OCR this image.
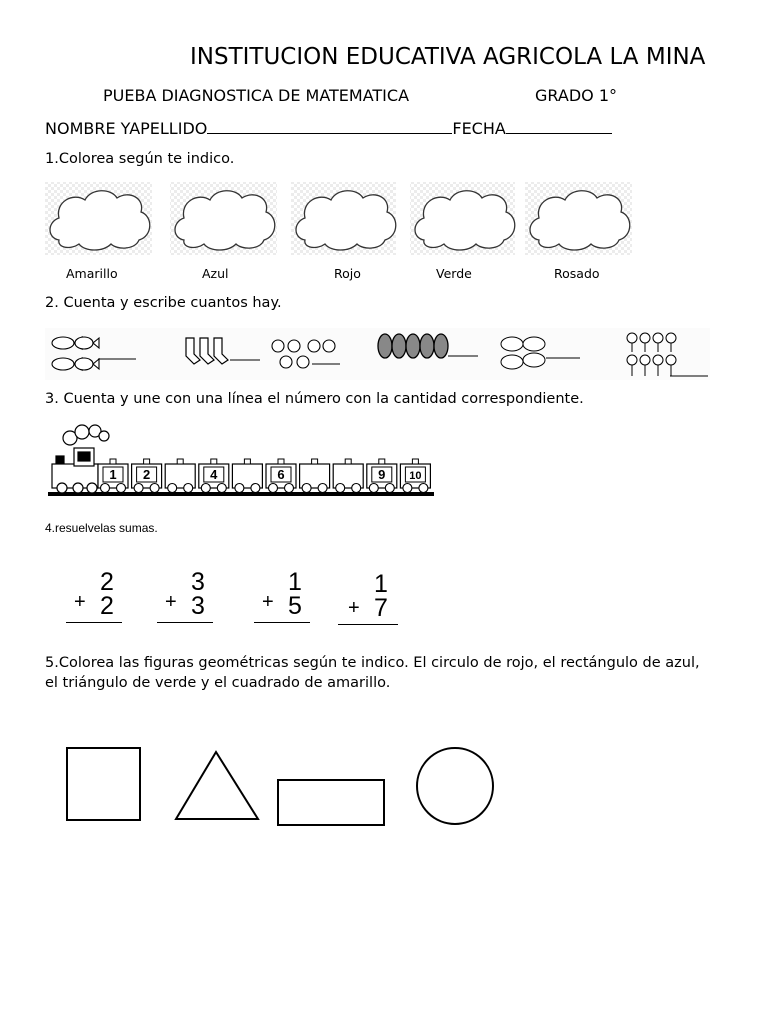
INSTITUCION EDUCATIVA AGRICOLA LA MINA
PUEBA DIAGNOSTICA DE MATEMATICA	GRADO 1°
NOMBRE YAPELLIDO	FECHA
1.Colorea según te indico.
Amarillo	Azul	Rojo	Verde	Rosado
2. Cuenta y escribe cuantos hay.
3. Cuenta y une con una línea el número con la cantidad correspondiente.
1 2	4	6	9 10
4.resuelvelas sumas.
2
+ 2
3
+ 3
1
+ 5
1
+ 7
5.Colorea las figuras geométricas según te indico. El circulo de rojo, el rectángulo de azul, el triángulo de verde y el cuadrado de amarillo.
